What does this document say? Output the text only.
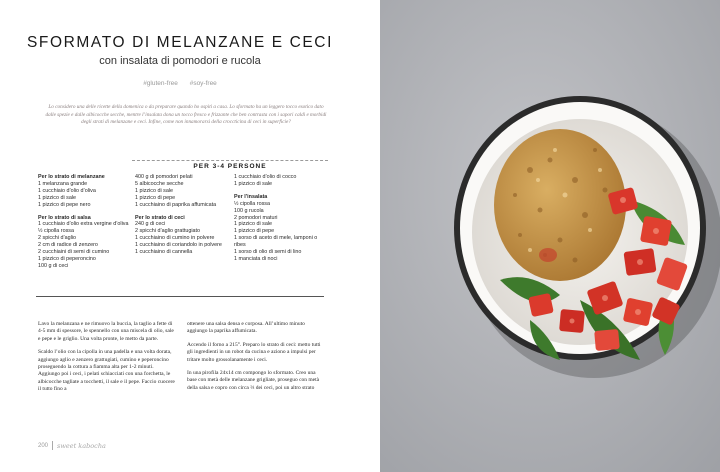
SFORMATO DI MELANZANE E CECI
con insalata di pomodori e rucola
#gluten-free #soy-free

Lo considero una delle ricette della domenica o da preparare quando ho ospiti a casa. Lo sformato ha un leggero tocco esotico dato dalle spezie e dalle albicocche secche, mentre l’insalata dona un tocco fresco e frizzante che ben contrasta con i sapori caldi e morbidi degli strati di melanzane e ceci. Infine, come non innamorarsi della croccticina di ceci in superficie?

PER 3-4 PERSONE
Per lo strato di melanzane
1 melanzana grande
1 cucchiaio d’olio d’oliva
1 pizzico di sale
1 pizzico di pepe nero
Per lo strato di salsa
1 cucchiaio d’olio extra vergine d’oliva
½ cipolla rossa
2 spicchi d’aglio
2 cm di radice di zenzero
2 cucchiaini di semi di cumino
1 pizzico di peperoncino
100 g di ceci
400 g di pomodori pelati
5 albicocche secche
1 pizzico di sale
1 pizzico di pepe
1 cucchiaino di paprika affumicata
Per lo strato di ceci
240 g di ceci
2 spicchi d’aglio grattugiato
1 cucchiaino di cumino in polvere
1 cucchiaino di coriandolo in polvere
1 cucchiaino di cannella
1 cucchiaio d’olio di cocco
1 pizzico di sale
Per l’insalata
½ cipolla rossa
100 g rucola
2 pomodori maturi
1 pizzico di sale
1 pizzico di pepe
1 sorso di aceto di mele, lamponi o ribes
1 sorso di olio di semi di lino
1 manciata di noci

Lavo la melanzana e ne rimuovo la buccia, la taglio a fette di 4-5 mm di spessore, le spennello con una miscela di olio, sale e pepe e le griglio. Una volta pronte, le metto da parte.

Scaldo l’olio con la cipolla in una padella e una volta dorata, aggiungo aglio e zenzero grattugiati, cumino e peperoncino proseguendo la cottura a fiamma alta per 1-2 minuti. Aggiungo poi i ceci, i pelati schiacciati con una forchetta, le albicocche tagliate a tocchetti, il sale e il pepe. Faccio cuocere il tutto fino a

ottenere una salsa densa e corposa. All’ultimo minuto aggiungo la paprika affumicata.

Accendo il forno a 215°. Preparo lo strato di ceci: metto tutti gli ingredienti in un robot da cucina e aziono a impulsi per tritare molto grossolanamente i ceci.

In una pirofila 24x14 cm compongo lo sformato. Creo una base con metà delle melanzane grigliate, proseguo con metà della salsa e copro con circa ⅔ dei ceci, poi un altro strato

200 sweet kabocha
